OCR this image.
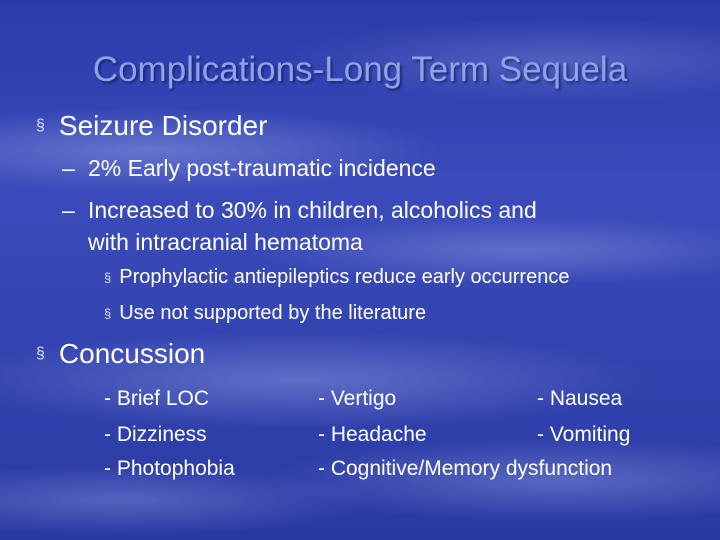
Complications-Long Term Sequela
§ Seizure Disorder
– 2% Early post-traumatic incidence
– Increased to 30% in children, alcoholics and
with intracranial hematoma
§ Prophylactic antiepileptics reduce early occurrence
§ Use not supported by the literature
§ Concussion
- Brief LOC
- Dizziness
- Photophobia
- Vertigo
- Headache
- Cognitive/Memory dysfunction
- Nausea
- Vomiting
